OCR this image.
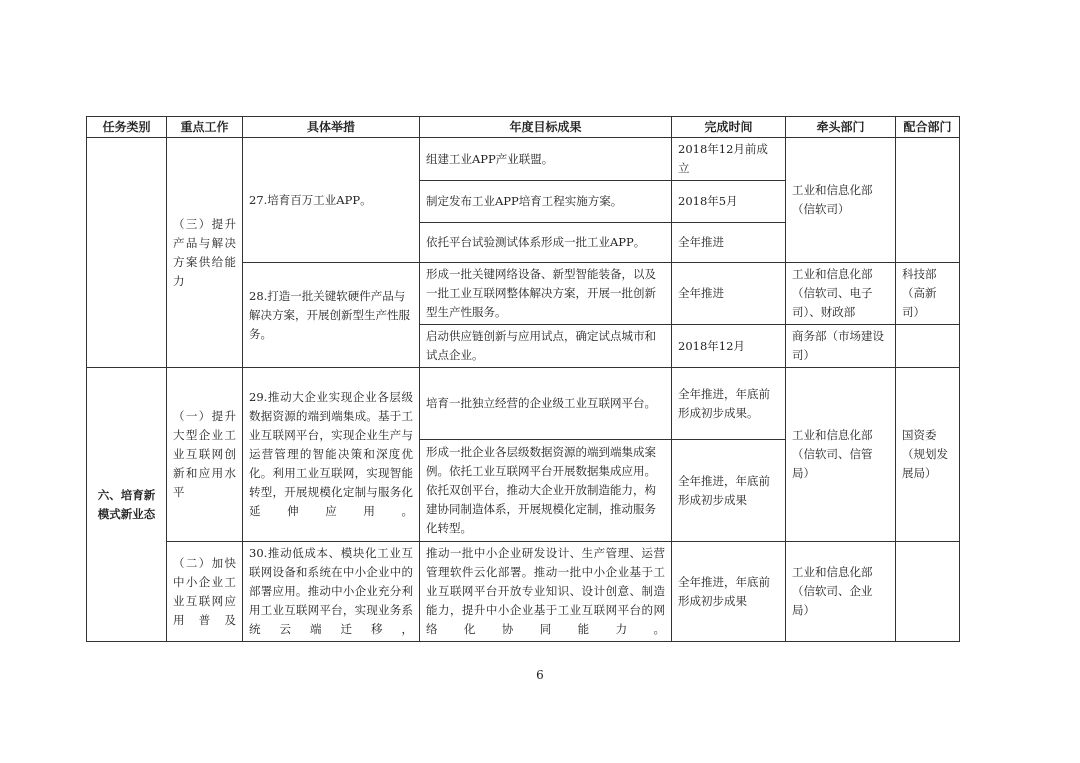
任务类别	重点工作	具体举措	年度目标成果	完成时间	牵头部门	配合部门
	（三）提升产品与解决方案供给能力	27.培育百万工业APP。	组建工业APP产业联盟。	2018年12月前成立	工业和信息化部（信软司）	
			制定发布工业APP培育工程实施方案。	2018年5月		
			依托平台试验测试体系形成一批工业APP。	全年推进		
		28.打造一批关键软硬件产品与解决方案，开展创新型生产性服务。	形成一批关键网络设备、新型智能装备，以及一批工业互联网整体解决方案，开展一批创新型生产性服务。	全年推进	工业和信息化部（信软司、电子司）、财政部	科技部（高新司）
			启动供应链创新与应用试点，确定试点城市和试点企业。	2018年12月	商务部（市场建设司）	
六、培育新模式新业态	（一）提升大型企业工业互联网创新和应用水平	29.推动大企业实现企业各层级数据资源的端到端集成。基于工业互联网平台，实现企业生产与运营管理的智能决策和深度优化。利用工业互联网，实现智能转型，开展规模化定制与服务化延伸应用。	培育一批独立经营的企业级工业互联网平台。	全年推进，年底前形成初步成果。	工业和信息化部（信软司、信管局）	国资委（规划发展局）
			形成一批企业各层级数据资源的端到端集成案例。依托工业互联网平台开展数据集成应用。依托双创平台，推动大企业开放制造能力，构建协同制造体系，开展规模化定制，推动服务化转型。	全年推进，年底前形成初步成果		
	（二）加快中小企业工业互联网应用普及	30.推动低成本、模块化工业互联网设备和系统在中小企业中的部署应用。推动中小企业充分利用工业互联网平台，实现业务系统云端迁移，	推动一批中小企业研发设计、生产管理、运营管理软件云化部署。推动一批中小企业基于工业互联网平台开放专业知识、设计创意、制造能力，提升中小企业基于工业互联网平台的网络化协同能力。	全年推进，年底前形成初步成果	工业和信息化部（信软司、企业局）	
6
